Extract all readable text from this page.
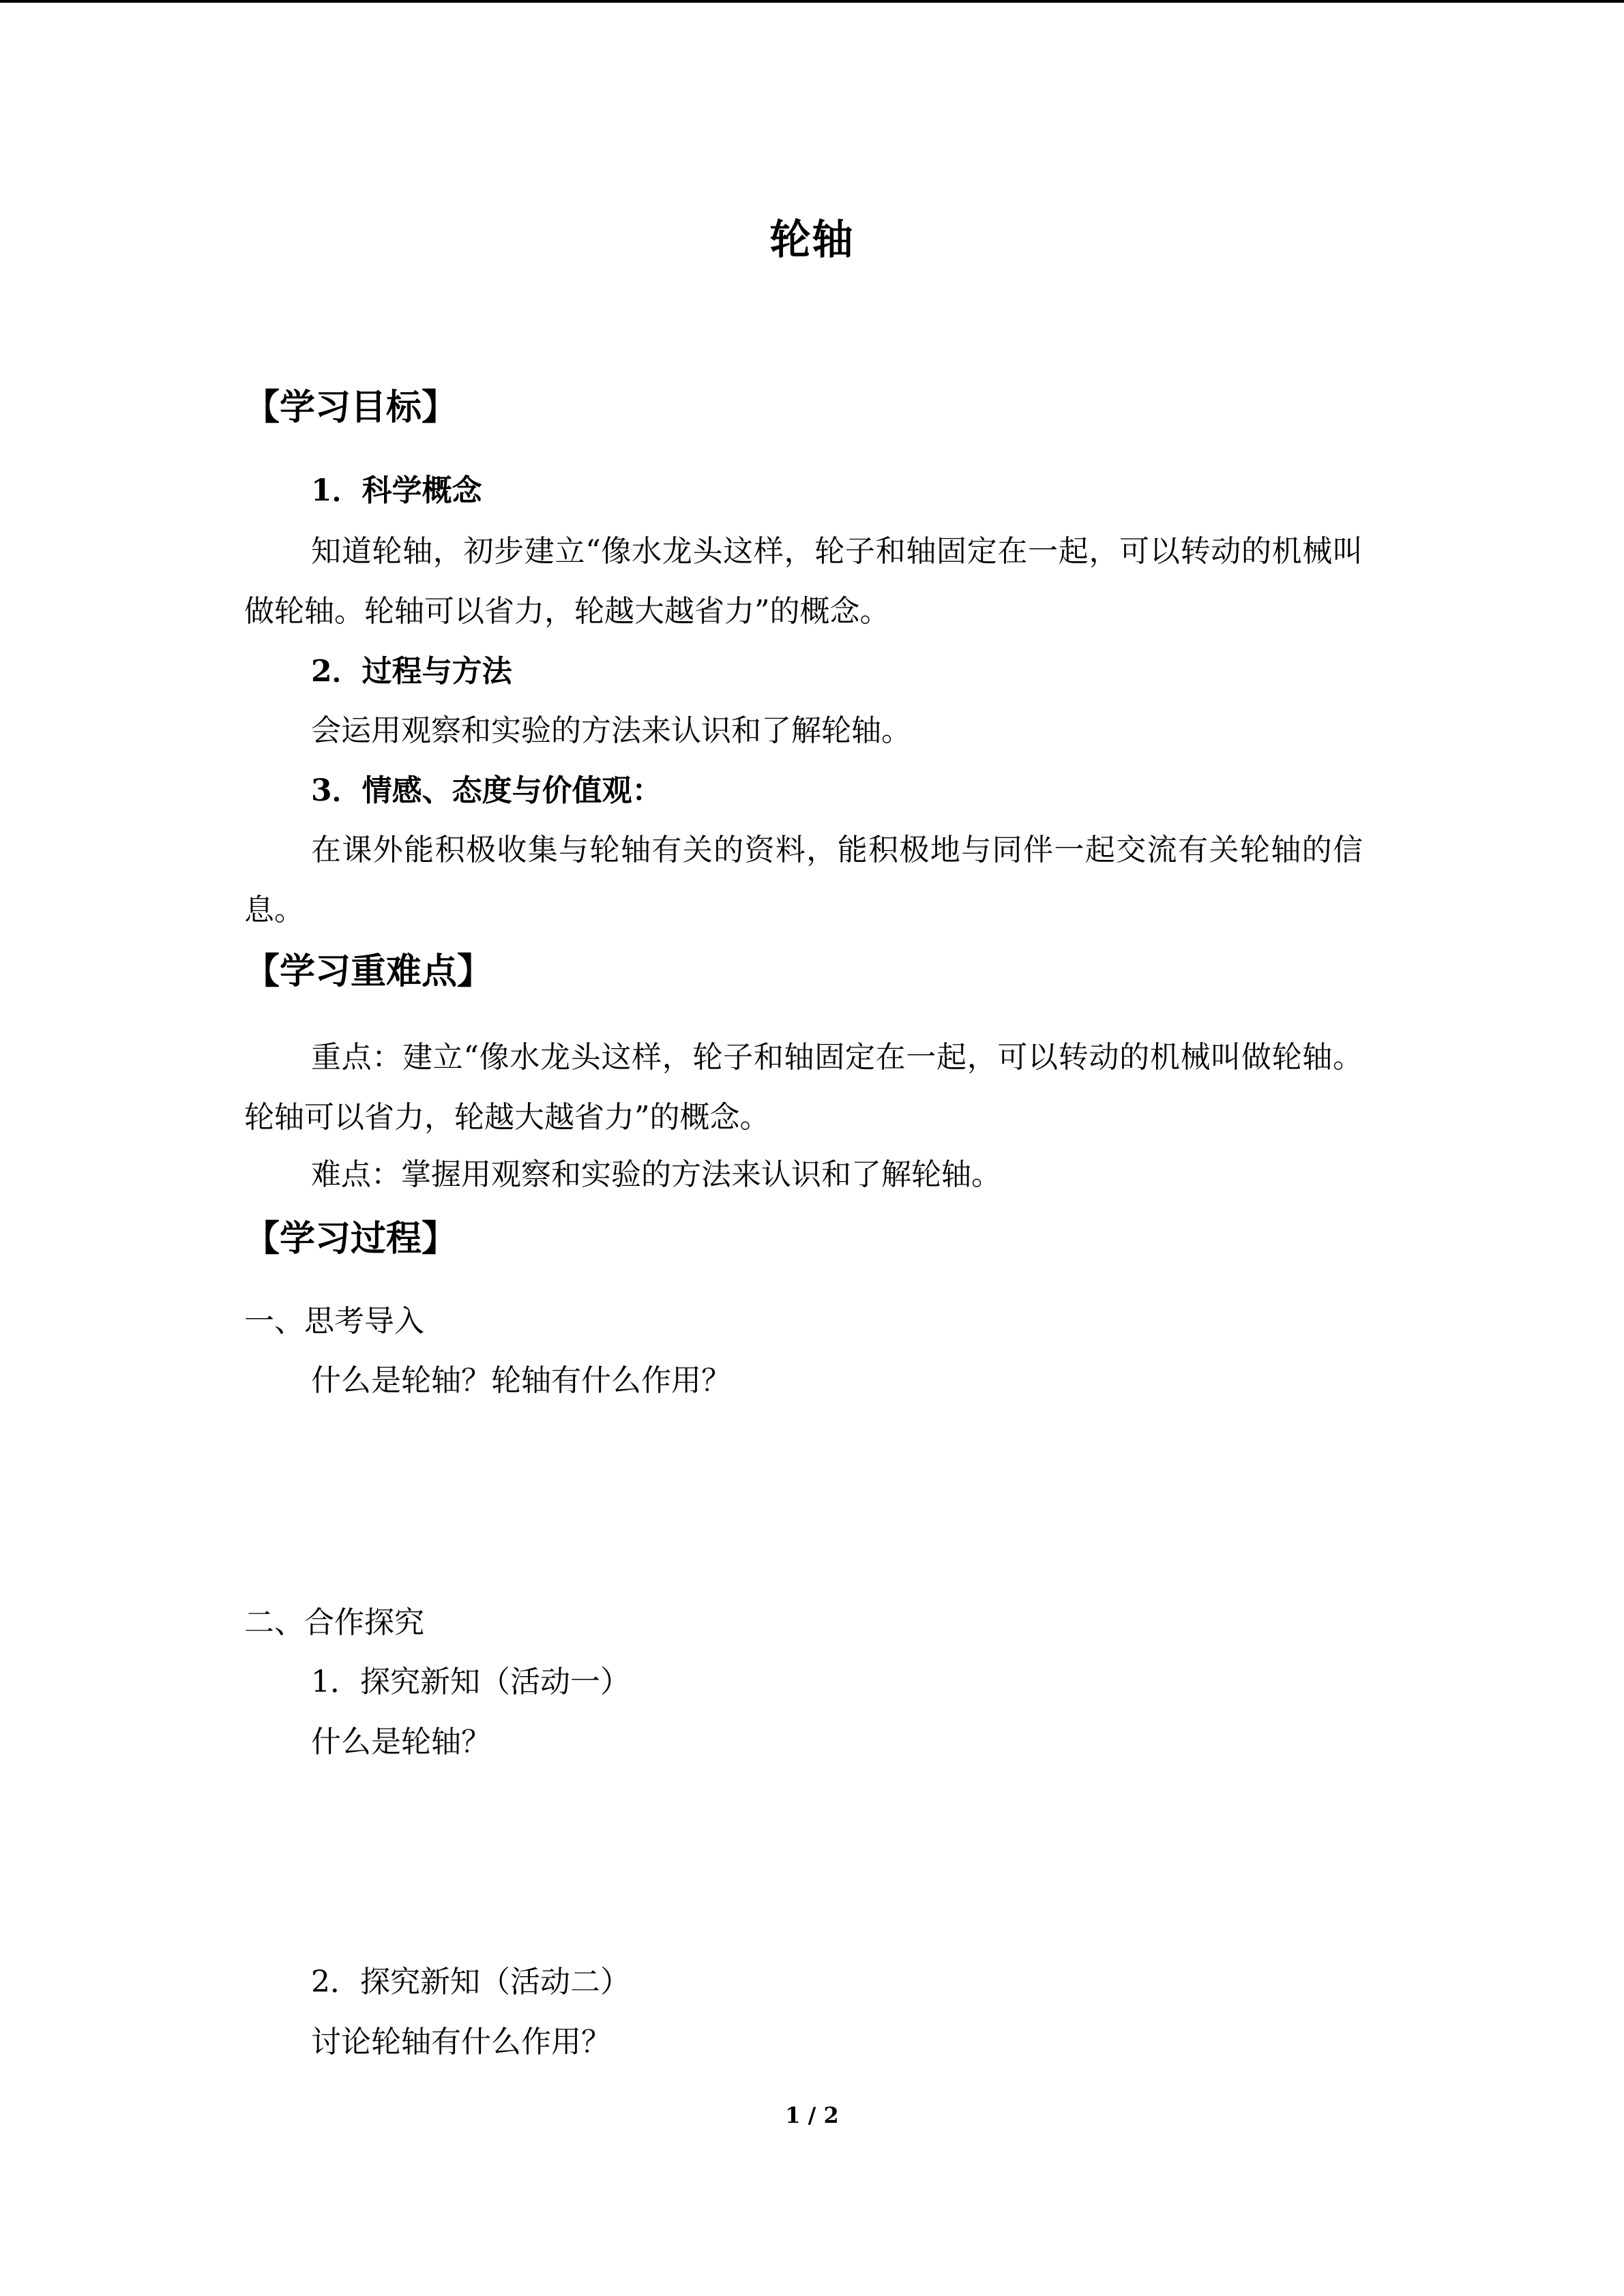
轮轴
【学习目标】
1．科学概念
知道轮轴，初步建立“像水龙头这样，轮子和轴固定在一起，可以转动的机械叫做轮轴。轮轴可以省力，轮越大越省力”的概念。
2．过程与方法
会运用观察和实验的方法来认识和了解轮轴。
3．情感、态度与价值观：
在课外能积极收集与轮轴有关的资料，能积极地与同伴一起交流有关轮轴的信息。
【学习重难点】
重点：建立“像水龙头这样，轮子和轴固定在一起，可以转动的机械叫做轮轴。轮轴可以省力，轮越大越省力”的概念。
难点：掌握用观察和实验的方法来认识和了解轮轴。
【学习过程】
一、思考导入
什么是轮轴？轮轴有什么作用？
二、合作探究
1．探究新知（活动一）
什么是轮轴？
2．探究新知（活动二）
讨论轮轴有什么作用？
1 / 2
